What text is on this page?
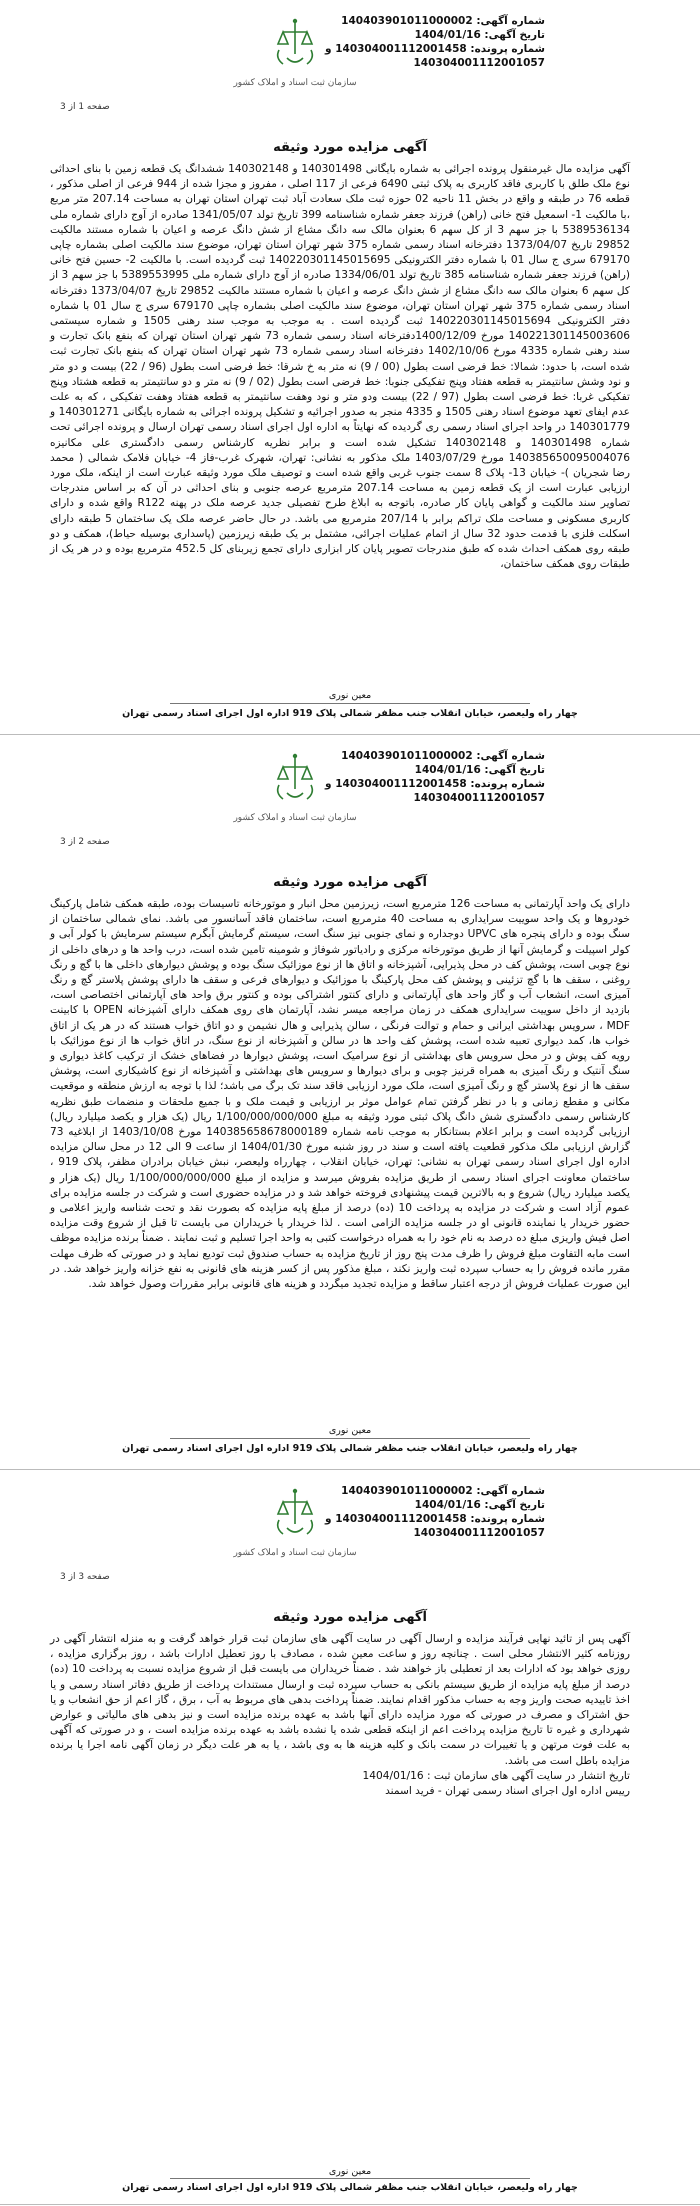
سازمان ثبت اسناد و املاک کشور
شماره آگهی: 140403901011000002
تاریخ آگهی: 1404/01/16
شماره پرونده: 140304001112001458 و
140304001112001057
صفحه 1 از 3
آگهی مزایده مورد وثیقه
آگهی مزایده مال غیرمنقول پرونده اجرائی به شماره بایگانی 140301498 و 140302148 ششدانگ یک قطعه زمین با بنای احداثی نوع ملک طلق با کاربری فاقد کاربری به پلاک ثبتی 6490 فرعی از 117 اصلی ، مفروز و مجزا شده از 944 فرعی از اصلی مذکور ، قطعه 76 در طبقه و واقع در بخش 11 ناحیه 02 حوزه ثبت ملک سعادت آباد ثبت تهران استان تهران به مساحت 207.14 متر مربع ،با مالکیت 1- اسمعیل فتح خانی (راهن) فرزند جعفر شماره شناسنامه 399 تاریخ تولد 1341/05/07 صادره از آوج دارای شماره ملی 5389536134 با جز سهم 3 از کل سهم 6 بعنوان مالک سه دانگ مشاع از شش دانگ عرصه و اعیان با شماره مستند مالکیت 29852 تاریخ 1373/04/07 دفترخانه اسناد رسمی شماره 375 شهر تهران استان تهران، موضوع سند مالکیت اصلی بشماره چاپی 679170 سری ج سال 01 با شماره دفتر الکترونیکی 140220301145015695 ثبت گردیده است. با مالکیت 2- حسین فتح خانی (راهن) فرزند جعفر شماره شناسنامه 385 تاریخ تولد 1334/06/01 صادره از آوج دارای شماره ملی 5389553995 با جز سهم 3 از کل سهم 6 بعنوان مالک سه دانگ مشاع از شش دانگ عرصه و اعیان با شماره مستند مالکیت 29852 تاریخ 1373/04/07 دفترخانه اسناد رسمی شماره 375 شهر تهران استان تهران، موضوع سند مالکیت اصلی بشماره چاپی 679170 سری ج سال 01 با شماره دفتر الکترونیکی 140220301145015694 ثبت گردیده است . به موجب به موجب سند رهنی 1505 و شماره سیستمی 140221301145003606 مورخ 1400/12/09دفترخانه اسناد رسمی شماره 73 شهر تهران استان تهران که بنفع بانک تجارت و سند رهنی شماره 4335 مورخ 1402/10/06 دفترخانه اسناد رسمی شماره 73 شهر تهران استان تهران که بنفع بانک تجارت ثبت شده است، با حدود: شمالا: خط فرضی است بطول (00 / 9) نه متر به خ شرقا: خط فرضی است بطول (96 / 22) بیست و دو متر و نود وشش سانتیمتر به قطعه هفتاد وپنج تفکیکی جنوبا: خط فرضی است بطول (02 / 9) نه متر و دو سانتیمتر به قطعه هشتاد وپنج تفکیکی غربا: خط فرضی است بطول (97 / 22) بیست ودو متر و نود وهفت سانتیمتر به قطعه هفتاد وهفت تفکیکی ، که به علت عدم ایفای تعهد موضوع اسناد رهنی 1505 و 4335 منجر به صدور اجرائیه و تشکیل پرونده اجرائی به شماره بایگانی 140301271 و 140301779 در واحد اجرای اسناد رسمی ری گردیده که نهایتاً به اداره اول اجرای اسناد رسمی تهران ارسال و پرونده اجرائی تحت شماره 140301498 و 140302148 تشکیل شده است و برابر نظریه کارشناس رسمی دادگستری علی مکانیزه 140385650095004076 مورخ 1403/07/29 ملک مذکور به نشانی: تهران، شهرک غرب-فاز 4- خیابان فلامک شمالی ( محمد رضا شجریان )- خیابان 13- پلاک 8 سمت جنوب غربی واقع شده است و توصیف ملک مورد وثیقه عبارت است از اینکه، ملک مورد ارزیابی عبارت است از یک قطعه زمین به مساحت 207.14 مترمربع عرصه جنوبی و بنای احداثی در آن که بر اساس مندرجات تصاویر سند مالکیت و گواهی پایان کار صادره، باتوجه به ابلاغ طرح تفصیلی جدید عرصه ملک در پهنه R122 واقع شده و دارای کاربری مسکونی و مساحت ملک تراکم برابر با 207/14 مترمربع می باشد. در حال حاضر عرصه ملک یک ساختمان 5 طبقه دارای اسکلت فلزی با قدمت حدود 32 سال از اتمام عملیات اجرائی، مشتمل بر یک طبقه زیرزمین (پاسداری بوسیله حیاط)، همکف و دو طبقه روی همکف احداث شده که طبق مندرجات تصویر پایان کار ابزاری دارای تجمع زیربنای کل 452.5 مترمربع بوده و در هر یک از طبقات روی همکف ساختمان،
معین نوری
چهار راه ولیعصر، خیابان انقلاب جنب مظفر شمالی پلاک 919 اداره اول اجرای اسناد رسمی تهران
سازمان ثبت اسناد و املاک کشور
شماره آگهی: 140403901011000002
تاریخ آگهی: 1404/01/16
شماره پرونده: 140304001112001458 و
140304001112001057
صفحه 2 از 3
آگهی مزایده مورد وثیقه
دارای یک واحد آپارتمانی به مساحت 126 مترمربع است، زیرزمین محل انبار و موتورخانه تاسیسات بوده، طبقه همکف شامل پارکینگ خودروها و یک واحد سوییت سرایداری به مساحت 40 مترمربع است، ساختمان فاقد آسانسور می باشد. نمای شمالی ساختمان از سنگ بوده و دارای پنجره های UPVC دوجداره و نمای جنوبی نیز سنگ است، سیستم گرمایش آبگرم سیستم سرمایش با کولر آبی و کولر اسپیلت و گرمایش آنها از طریق موتورخانه مرکزی و رادیاتور شوفاژ و شومینه تامین شده است، درب واحد ها و درهای داخلی از نوع چوبی است، پوشش کف در محل پذیرایی، آشپزخانه و اتاق ها از نوع موزائیک سنگ بوده و پوشش دیوارهای داخلی ها با گچ و رنگ روغنی ، سقف ها با گچ تزئینی و پوشش کف محل پارکینگ با موزائیک و دیوارهای فرعی و سقف ها دارای پوشش پلاستر گچ و رنگ آمیزی است، انشعاب آب و گاز واحد های آپارتمانی و دارای کنتور اشتراکی بوده و کنتور برق واحد های آپارتمانی اختصاصی است، بازدید از داخل سوییت سرایداری همکف در زمان مراجعه میسر نشد، آپارتمان های روی همکف دارای آشپزخانه OPEN با کابینت MDF ، سرویس بهداشتی ایرانی و حمام و توالت فرنگی ، سالن پذیرایی و هال نشیمن و دو اتاق خواب هستند که در هر یک از اتاق خواب ها، کمد دیواری تعبیه شده است، پوشش کف واحد ها در سالن و آشپزخانه از نوع سنگ، در اتاق خواب ها از نوع موزائیک با رویه کف پوش و در محل سرویس های بهداشتی از نوع سرامیک است، پوشش دیوارها در فضاهای خشک از ترکیب کاغذ دیواری و سنگ آنتیک و رنگ آمیزی به همراه قرنیز چوبی و برای دیوارها و سرویس های بهداشتی و آشپزخانه از نوع کاشیکاری است، پوشش سقف ها از نوع پلاستر گچ و رنگ آمیزی است، ملک مورد ارزیابی فاقد سند تک برگ می باشد؛ لذا با توجه به ارزش منطقه و موقعیت مکانی و مقطع زمانی و با در نظر گرفتن تمام عوامل موثر بر ارزیابی و قیمت ملک و با جمیع ملحقات و منضمات طبق نظریه کارشناس رسمی دادگستری شش دانگ پلاک ثبتی مورد وثیقه به مبلغ 1/100/000/000/000 ریال (یک هزار و یکصد میلیارد ریال) ارزیابی گردیده است و برابر اعلام بستانکار به موجب نامه شماره 140385658678000189 مورخ 1403/10/08 از ابلاغیه 73 گزارش ارزیابی ملک مذکور قطعیت یافته است و سند در روز شنبه مورخ 1404/01/30 از ساعت 9 الی 12 در محل سالن مزایده اداره اول اجرای اسناد رسمی تهران به نشانی: تهران، خیابان انقلاب ، چهارراه ولیعصر، نبش خیابان برادران مظفر، پلاک 919 ، ساختمان معاونت اجرای اسناد رسمی از طریق مزایده بفروش میرسد و مزایده از مبلغ 1/100/000/000/000 ریال (یک هزار و یکصد میلیارد ریال) شروع و به بالاترین قیمت پیشنهادی فروخته خواهد شد و در مزایده حضوری است و شرکت در جلسه مزایده برای عموم آزاد است و شرکت در مزایده به پرداخت 10 (ده) درصد از مبلغ پایه مزایده که بصورت نقد و تحت شناسه واریز اعلامی و حضور خریدار یا نماینده قانونی او در جلسه مزایده الزامی است . لذا خریدار یا خریداران می بایست تا قبل از شروع وقت مزایده اصل فیش واریزی مبلغ ده درصد به نام خود را به همراه درخواست کتبی به واحد اجرا تسلیم و ثبت نمایند . ضمناً برنده مزایده موظف است مابه التفاوت مبلغ فروش را ظرف مدت پنج روز از تاریخ مزایده به حساب صندوق ثبت تودیع نماید و در صورتی که ظرف مهلت مقرر مانده فروش را به حساب سپرده ثبت واریز نکند ، مبلغ مذکور پس از کسر هزینه های قانونی به نفع خزانه واریز خواهد شد. در این صورت عملیات فروش از درجه اعتبار ساقط و مزایده تجدید میگردد و هزینه های قانونی برابر مقررات وصول خواهد شد.
معین نوری
چهار راه ولیعصر، خیابان انقلاب جنب مظفر شمالی پلاک 919 اداره اول اجرای اسناد رسمی تهران
سازمان ثبت اسناد و املاک کشور
شماره آگهی: 140403901011000002
تاریخ آگهی: 1404/01/16
شماره پرونده: 140304001112001458 و
140304001112001057
صفحه 3 از 3
آگهی مزایده مورد وثیقه
آگهی پس از تائید نهایی فرآیند مزایده و ارسال آگهی در سایت آگهی های سازمان ثبت قرار خواهد گرفت و به منزله انتشار آگهی در روزنامه کثیر الانتشار محلی است . چنانچه روز و ساعت معین شده ، مصادف با روز تعطیل ادارات باشد ، روز برگزاری مزایده ، روزی خواهد بود که ادارات بعد از تعطیلی باز خواهند شد . ضمناً خریداران می بایست قبل از شروع مزایده نسبت به پرداخت 10 (ده) درصد از مبلغ پایه مزایده از طریق سیستم بانکی به حساب سپرده ثبت و ارسال مستندات پرداخت از طریق دفاتر اسناد رسمی و یا اخذ تاییدیه صحت واریز وجه به حساب مذکور اقدام نمایند. ضمناً پرداخت بدهی های مربوط به آب ، برق ، گاز اعم از حق انشعاب و یا حق اشتراک و مصرف در صورتی که مورد مزایده دارای آنها باشد به عهده برنده مزایده است و نیز بدهی های مالیاتی و عوارض شهرداری و غیره تا تاریخ مزایده پرداخت اعم از اینکه قطعی شده یا نشده باشد به عهده برنده مزایده است ، و در صورتی که آگهی به علت فوت مرتهن و یا تغییرات در سمت بانک و کلیه هزینه ها به وی باشد ، یا به هر علت دیگر در زمان آگهی نامه اجرا یا برنده مزایده باطل است می باشد.
تاریخ انتشار در سایت آگهی های سازمان ثبت : 1404/01/16
رییس اداره اول اجرای اسناد رسمی تهران - فرید اسمند
معین نوری
چهار راه ولیعصر، خیابان انقلاب جنب مظفر شمالی پلاک 919 اداره اول اجرای اسناد رسمی تهران
